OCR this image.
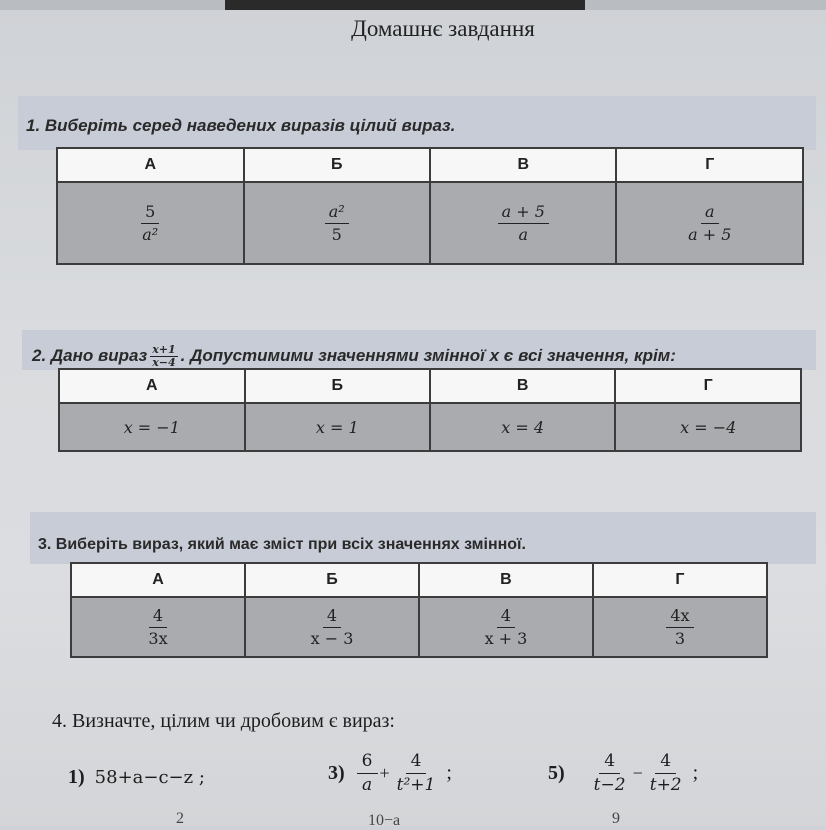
Домашнє завдання
1. Виберіть серед наведених виразів цілий вираз.
А	Б	В	Г

$\frac{5}{\text{a²}}$	$\frac{\text{a²}}{5}$	$\frac{a + 5}{a}$	$\frac{a}{a + 5}$
2. Дано вираз $\frac{x+1}{x-4}$ . Допустимими значеннями змінної x є всі значення, крім:
А	Б	В	Г
x = −1	x = 1	x = 4	x = −4
3. Виберіть вираз, який має зміст при всіх значеннях змінної.
А	Б	В	Г

$\frac{4}{3x}$	$\frac{4}{x - 3}$	$\frac{4}{x + 3}$	$\frac{4x}{3}$
4. Визначте, цілим чи дробовим є вираз:
1) 58+a−c−z ;	$3) \frac{6}{a} + \frac{4}{\text{t²+1}}$ ;	$5) \frac{4}{t-2} - \frac{4}{t+2}$ ;
2	10−a	9
